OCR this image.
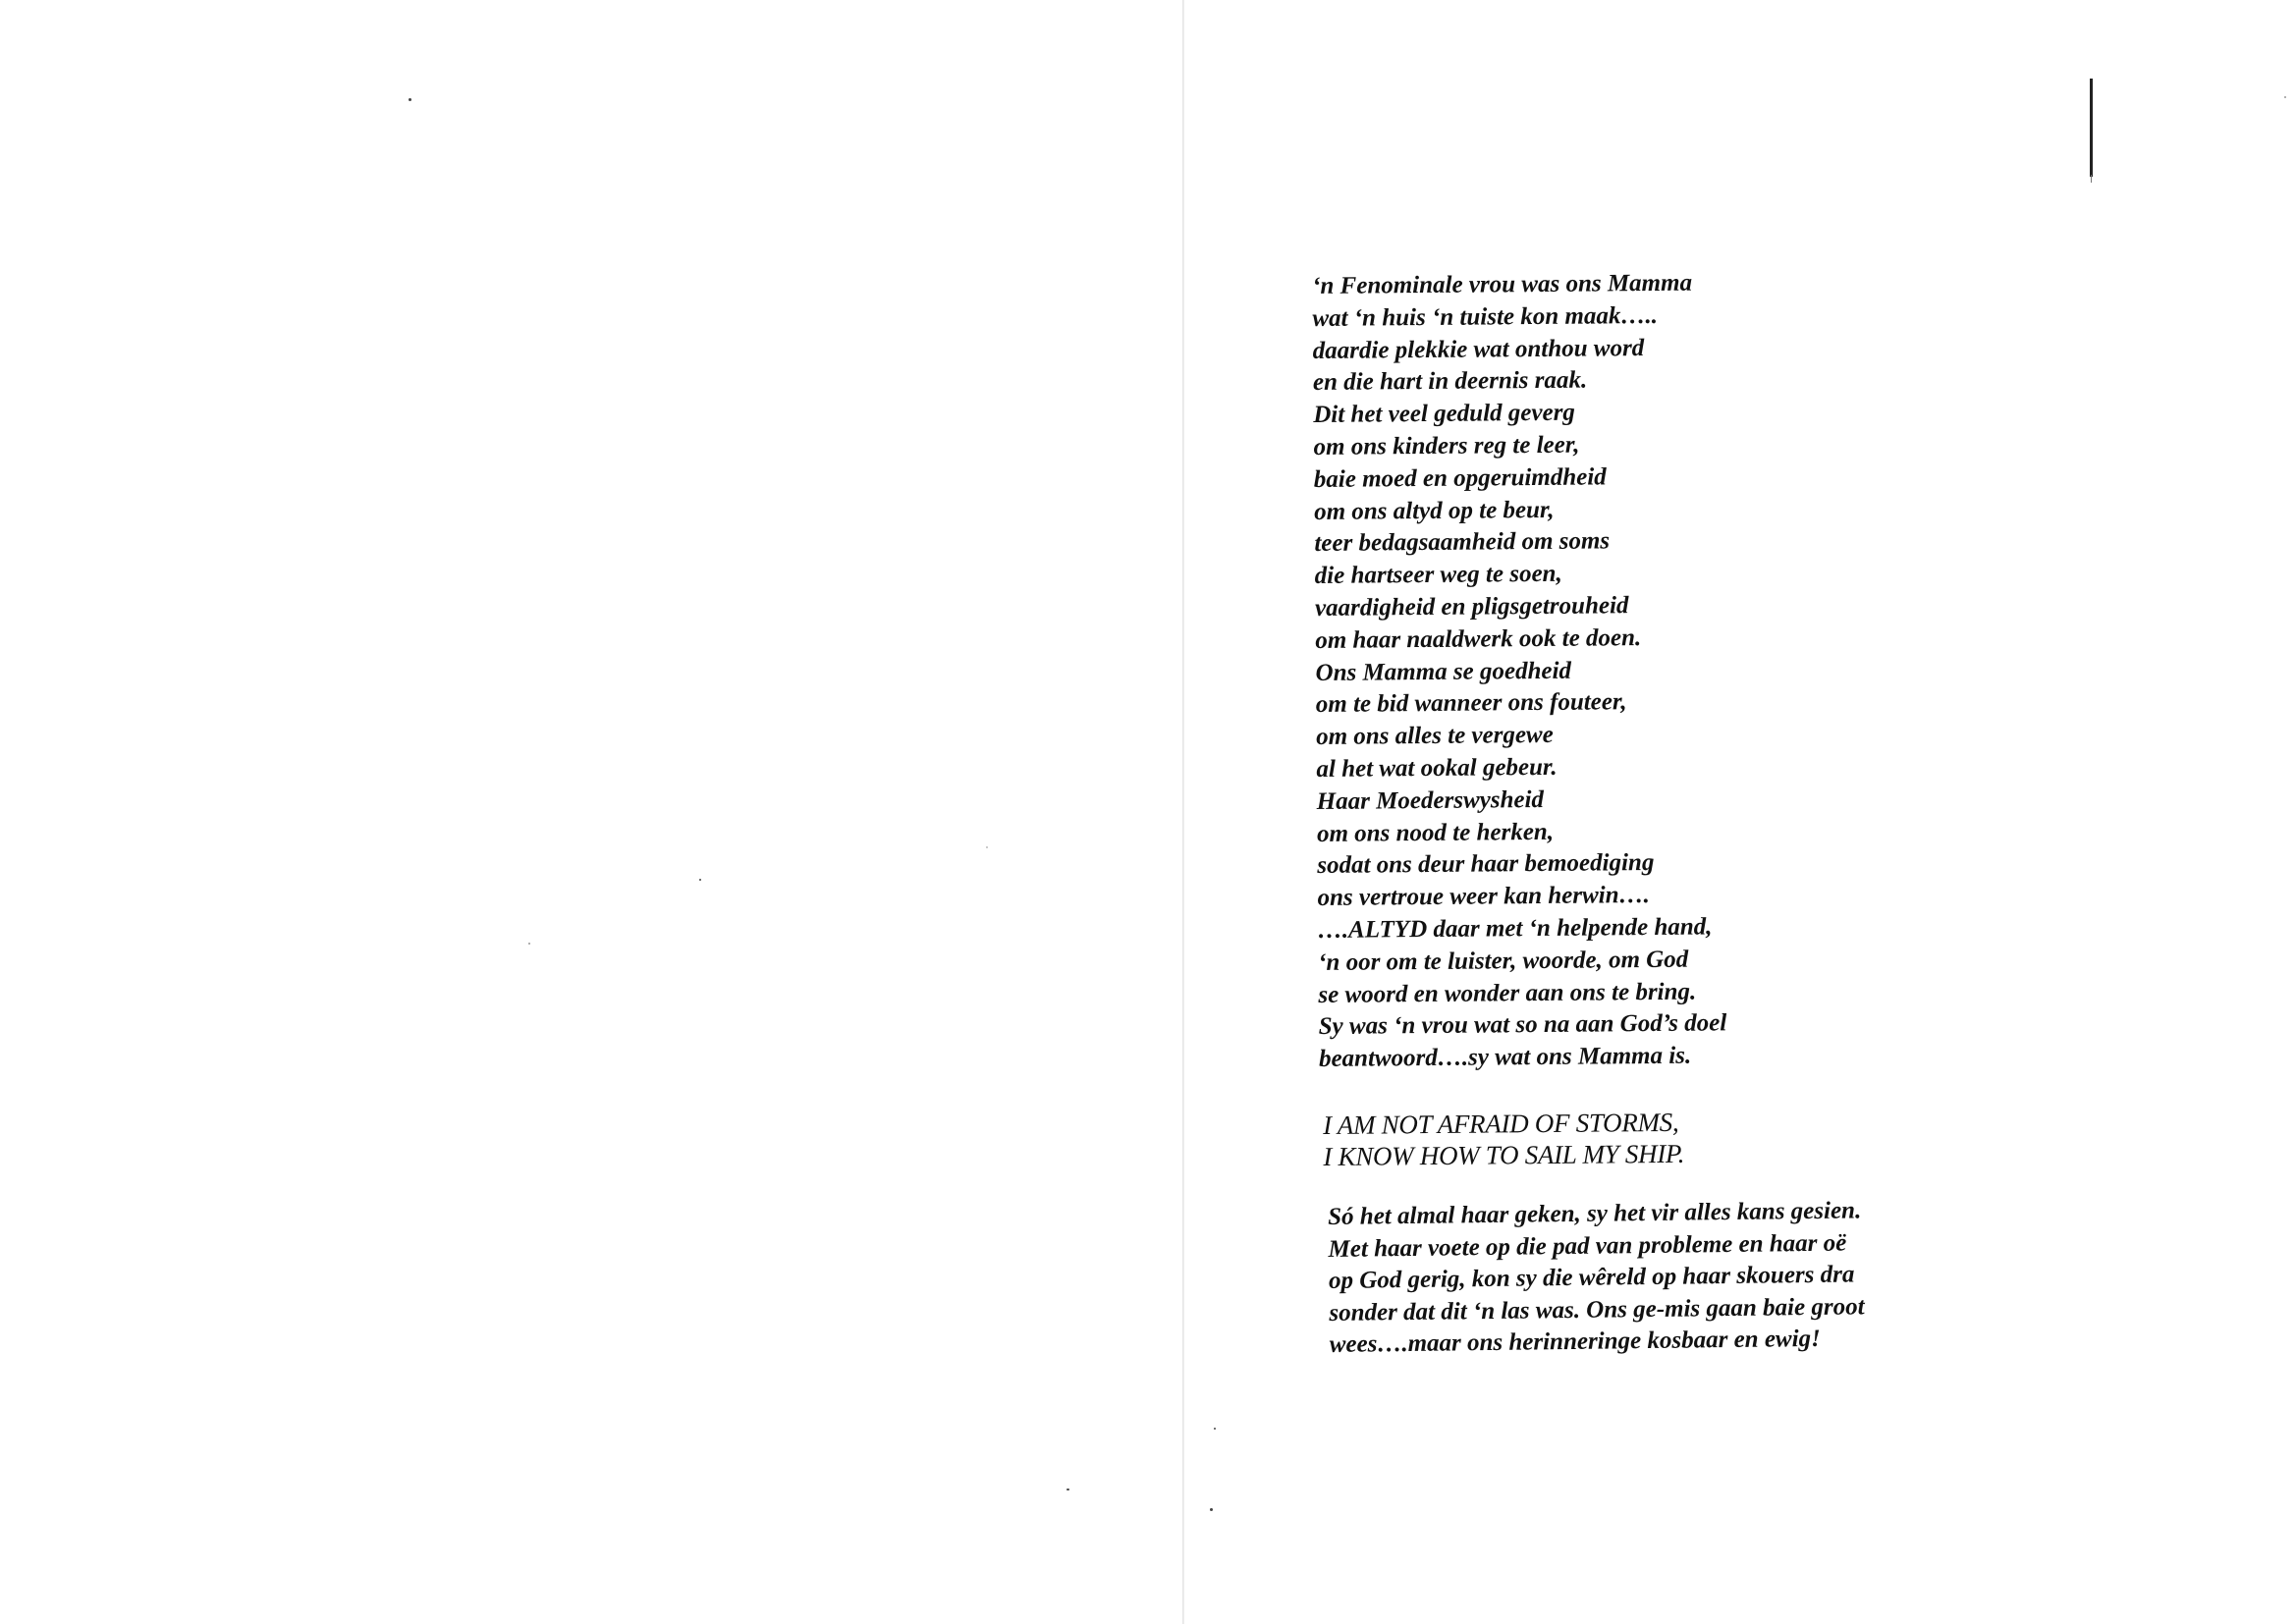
‘n Fenominale vrou was ons Mamma
wat ‘n huis ‘n tuiste kon maak…..
daardie plekkie wat onthou word
en die hart in deernis raak.
Dit het veel geduld geverg
om ons kinders reg te leer,
baie moed en opgeruimdheid
om ons altyd op te beur,
teer bedagsaamheid om soms
die hartseer weg te soen,
vaardigheid en pligsgetrouheid
om haar naaldwerk ook te doen.
Ons Mamma se goedheid
om te bid wanneer ons fouteer,
om ons alles te vergewe
al het wat ookal gebeur.
Haar Moederswysheid
om ons nood te herken,
sodat ons deur haar bemoediging
ons vertroue weer kan herwin….
….ALTYD daar met ‘n helpende hand,
‘n oor om te luister, woorde, om God
se woord en wonder aan ons te bring.
Sy was ‘n vrou wat so na aan God’s doel
beantwoord….sy wat ons Mamma is.
I AM NOT AFRAID OF STORMS,
I KNOW HOW TO SAIL MY SHIP.
Só het almal haar geken, sy het vir alles kans gesien.
Met haar voete op die pad van probleme en haar oë
op God gerig, kon sy die wêreld op haar skouers dra
sonder dat dit ‘n las was. Ons ge-mis gaan baie groot
wees….maar ons herinneringe kosbaar en ewig!
